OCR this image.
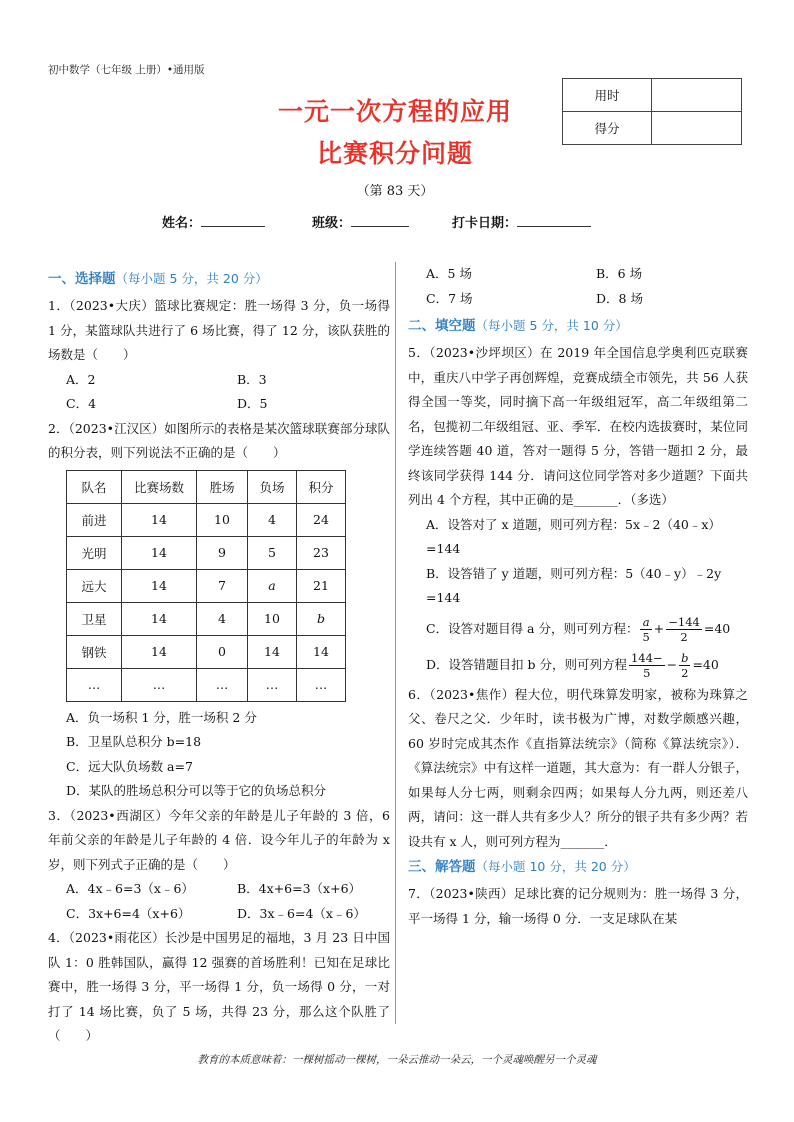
初中数学（七年级 上册）•通用版
一元一次方程的应用
比赛积分问题
（第 83 天）
用时	
得分	
姓名：	班级：	打卡日期：
一、选择题（每小题 5 分，共 20 分）
1．（2023•大庆）篮球比赛规定：胜一场得 3 分，负一场得 1 分，某篮球队共进行了 6 场比赛，得了 12 分，该队获胜的场数是（　　）
A．2	B．3
C．4	D．5
2．（2023•江汉区）如图所示的表格是某次篮球联赛部分球队的积分表，则下列说法不正确的是（　　）
队名	比赛场数	胜场	负场	积分
前进	14	10	4	24
光明	14	9	5	23
远大	14	7	a	21
卫星	14	4	10	b
钢铁	14	0	14	14
…	…	…	…	…
A．负一场积 1 分，胜一场积 2 分
B．卫星队总积分 b=18
C．远大队负场数 a=7
D．某队的胜场总积分可以等于它的负场总积分
3．（2023•西湖区）今年父亲的年龄是儿子年龄的 3 倍，6 年前父亲的年龄是儿子年龄的 4 倍．设今年儿子的年龄为 x 岁，则下列式子正确的是（　　）
A．4x﹣6=3（x﹣6）	B．4x+6=3（x+6）
C．3x+6=4（x+6）	D．3x﹣6=4（x﹣6）
4．（2023•雨花区）长沙是中国男足的福地，3 月 23 日中国队 1：0 胜韩国队，赢得 12 强赛的首场胜利！已知在足球比赛中，胜一场得 3 分，平一场得 1 分，负一场得 0 分，一对打了 14 场比赛，负了 5 场，共得 23 分，那么这个队胜了（　　）
A．5 场	B．6 场
C．7 场	D．8 场
二、填空题（每小题 5 分，共 10 分）
5．（2023•沙坪坝区）在 2019 年全国信息学奥利匹克联赛中，重庆八中学子再创辉煌，竞赛成绩全市领先，共 56 人获得全国一等奖，同时摘下高一年级组冠军，高二年级组第二名，包揽初二年级组冠、亚、季军．在校内选拔赛时，某位同学连续答题 40 道，答对一题得 5 分，答错一题扣 2 分，最终该同学获得 144 分．请问这位同学答对多少道题？下面共列出 4 个方程，其中正确的是_______．（多选）
A．设答对了 x 道题，则可列方程：5x﹣2（40﹣x）
=144
B．设答错了 y 道题，则可列方程：5（40﹣y）﹣2y
=144
C．设答对题目得 a 分，则可列方程： $\frac{a}{5} + \frac{-144}{2} =40$
D．设答错题目扣 b 分，则可列方程 $\frac{144-}{5} - \frac{b}{2} =40$
6．（2023•焦作）程大位，明代珠算发明家，被称为珠算之父、卷尺之父．少年时，读书极为广博，对数学颇感兴趣，60 岁时完成其杰作《直指算法统宗》（简称《算法统宗》）．《算法统宗》中有这样一道题，其大意为：有一群人分银子，如果每人分七两，则剩余四两；如果每人分九两，则还差八两，请问：这一群人共有多少人？所分的银子共有多少两？若设共有 x 人，则可列方程为_______．
三、解答题（每小题 10 分，共 20 分）
7．（2023•陕西）足球比赛的记分规则为：胜一场得 3 分，平一场得 1 分，输一场得 0 分．一支足球队在某
教育的本质意味着：一棵树摇动一棵树，一朵云推动一朵云，一个灵魂唤醒另一个灵魂
